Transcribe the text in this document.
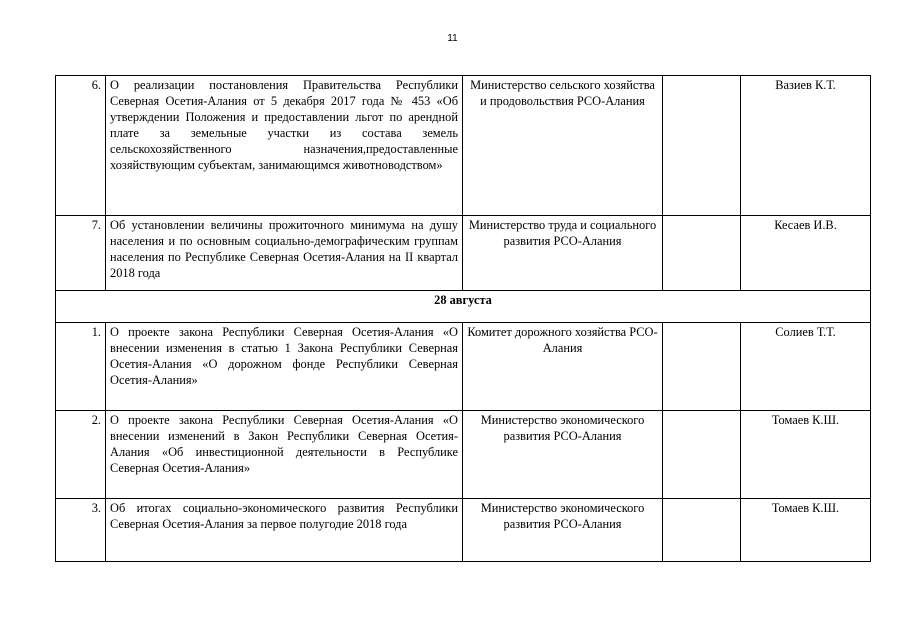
11
6.	О реализации постановления Правительства Республики Северная Осетия-Алания от 5 декабря 2017 года № 453 «Об утверждении Положения и предоставлении льгот по арендной плате за земельные участки из состава земель сельскохозяйственного назначения,предоставленные хозяйствующим субъектам, занимающимся животноводством»	Министерство сельского хозяйства и продовольствия РСО-Алания		Вазиев К.Т.
7.	Об установлении величины прожиточного минимума на душу населения и по основным социально-демографическим группам населения по Республике Северная Осетия-Алания на II квартал 2018 года	Министерство труда и социального развития РСО-Алания		Кесаев И.В.
28 августа				
1.	О проекте закона Республики Северная Осетия-Алания «О внесении изменения в статью 1 Закона Республики Северная Осетия-Алания «О дорожном фонде Республики Северная Осетия-Алания»	Комитет дорожного хозяйства РСО-Алания		Солиев Т.Т.
2.	О проекте закона Республики Северная Осетия-Алания «О внесении изменений в Закон Республики Северная Осетия-Алания «Об инвестиционной деятельности в Республике Северная Осетия-Алания»	Министерство экономического развития РСО-Алания		Томаев К.Ш.
3.	Об итогах социально-экономического развития Республики Северная Осетия-Алания за первое полугодие 2018 года	Министерство экономического развития РСО-Алания		Томаев К.Ш.
